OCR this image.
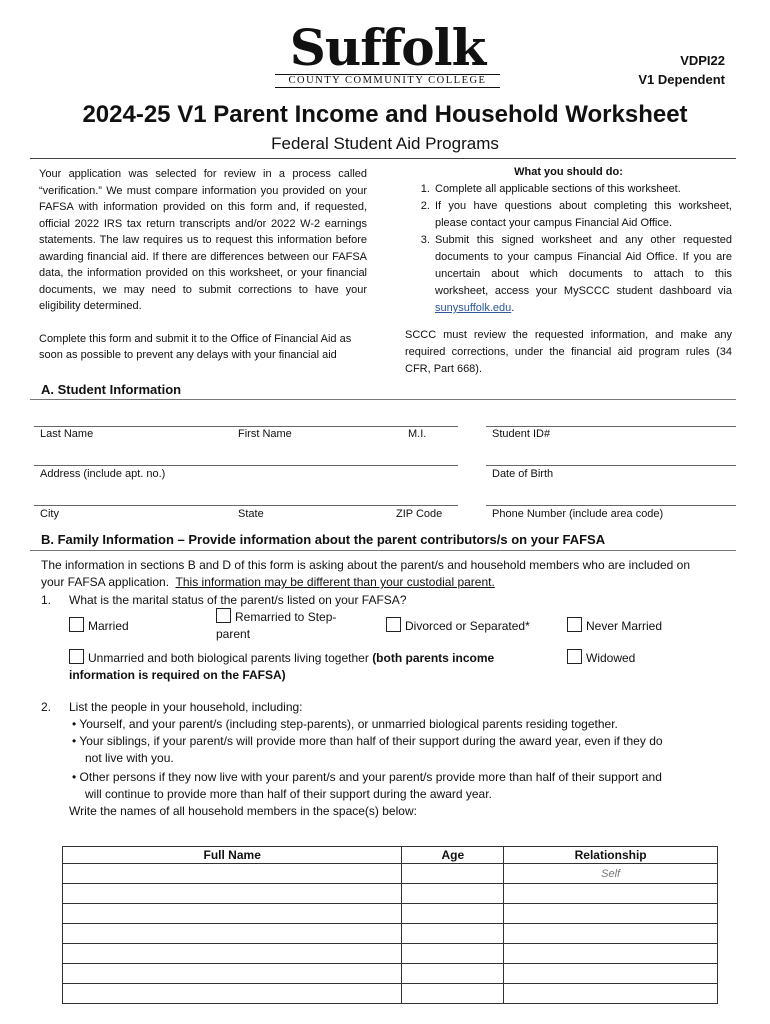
Suffolk
COUNTY COMMUNITY COLLEGE
VDPI22
V1 Dependent
2024-25 V1 Parent Income and Household Worksheet
Federal Student Aid Programs

Your application was selected for review in a process called “verification.” We must compare information you provided on your FAFSA with information provided on this form and, if requested, official 2022 IRS tax return transcripts and/or 2022 W-2 earnings statements. The law requires us to request this information before awarding financial aid. If there are differences between our FAFSA data, the information provided on this worksheet, or your financial documents, we may need to submit corrections to have your eligibility determined.

Complete this form and submit it to the Office of Financial Aid as soon as possible to prevent any delays with your financial aid

What you should do:
1. Complete all applicable sections of this worksheet.
2. If you have questions about completing this worksheet, please contact your campus Financial Aid Office.
3. Submit this signed worksheet and any other requested documents to your campus Financial Aid Office. If you are uncertain about which documents to attach to this worksheet, access your MySCCC student dashboard via sunysuffolk.edu.
SCCC must review the requested information, and make any required corrections, under the financial aid program rules (34 CFR, Part 668).
A. Student Information
Last Name	First Name	M.I.	Student ID#
Address (include apt. no.)	Date of Birth
City	State	ZIP Code	Phone Number (include area code)
B. Family Information – Provide information about the parent contributors/s on your FAFSA
The information in sections B and D of this form is asking about the parent/s and household members who are included on
your FAFSA application. This information may be different than your custodial parent.
1. What is the marital status of the parent/s listed on your FAFSA?
Married
Remarried to Step-
parent
Divorced or Separated*	Never Married
Unmarried and both biological parents living together (both parents income
information is required on the FAFSA)
Widowed
2. List the people in your household, including:
• Yourself, and your parent/s (including step-parents), or unmarried biological parents residing together.
• Your siblings, if your parent/s will provide more than half of their support during the award year, even if they do
not live with you.
• Other persons if they now live with your parent/s and your parent/s provide more than half of their support and
will continue to provide more than half of their support during the award year.
Write the names of all household members in the space(s) below:
Full Name	Age	Relationship
		Self
